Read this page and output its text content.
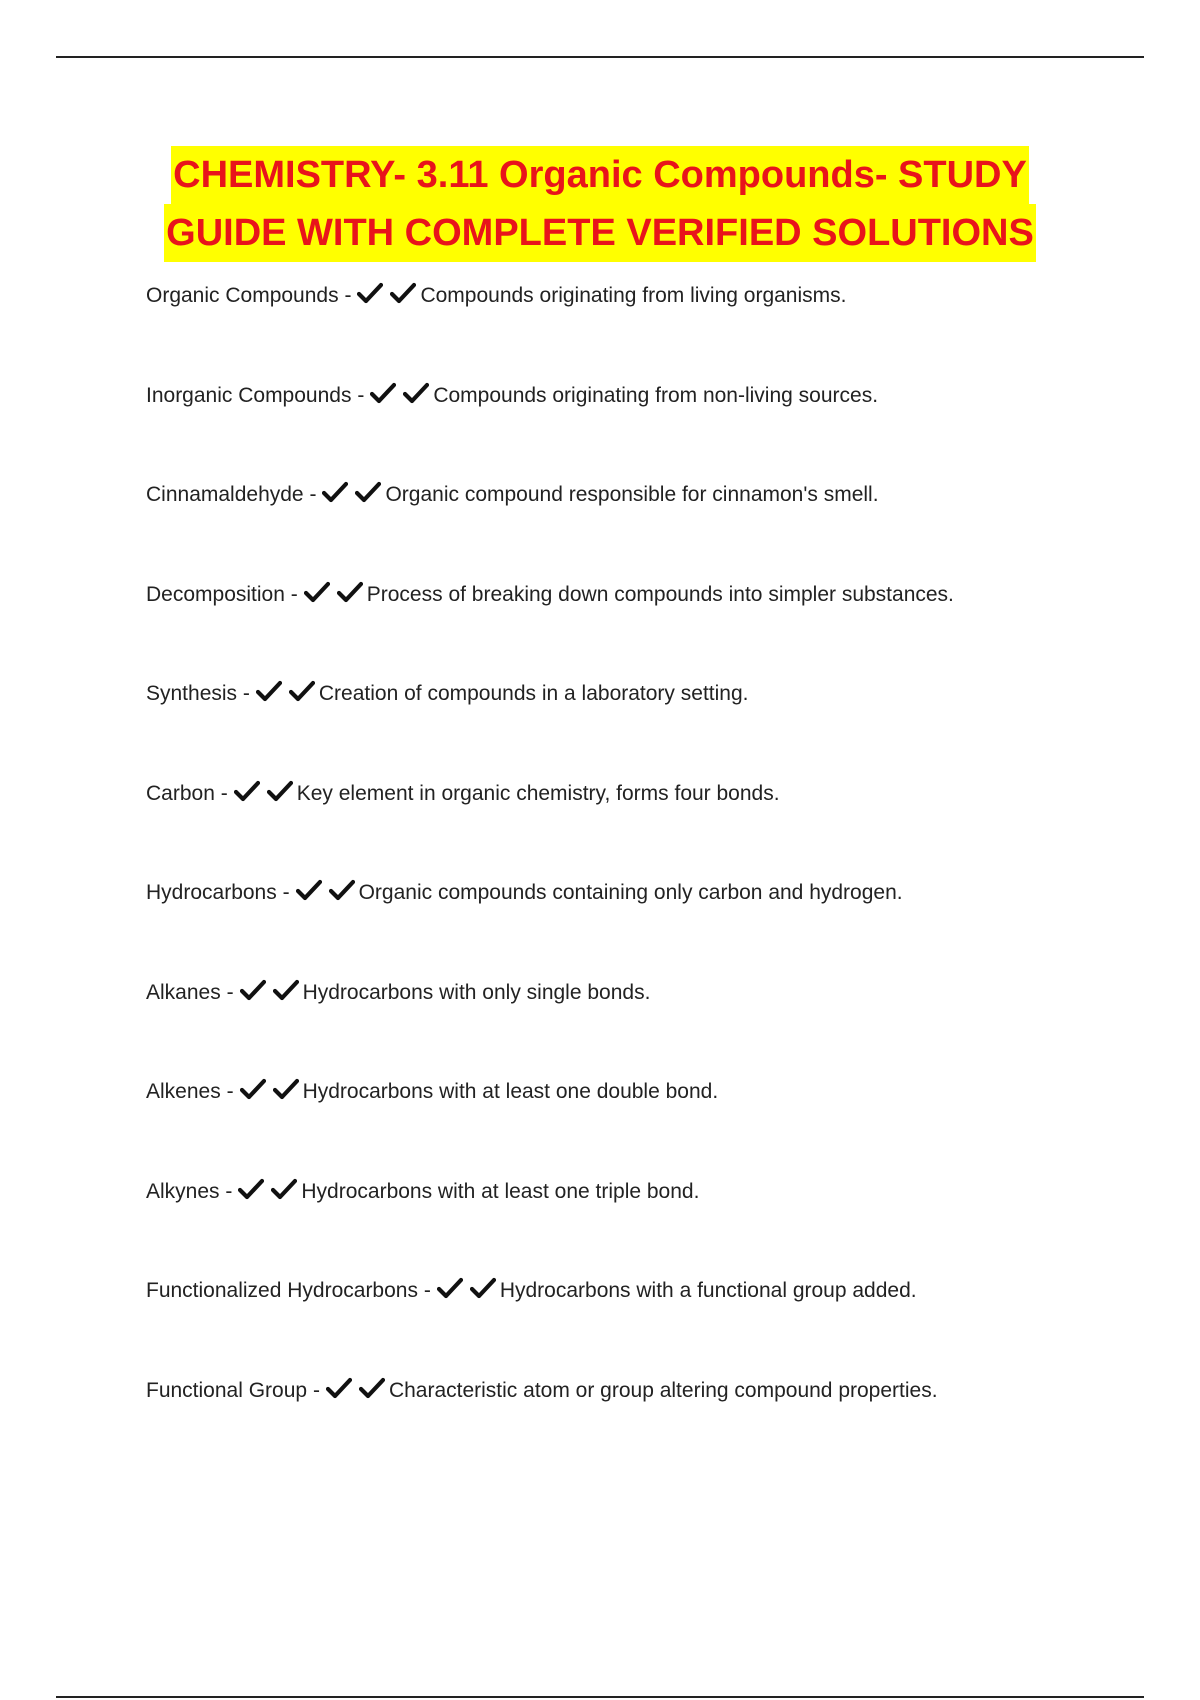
CHEMISTRY- 3.11 Organic Compounds- STUDY
GUIDE WITH COMPLETE VERIFIED SOLUTIONS
Organic Compounds -	Compounds originating from living organisms.
Inorganic Compounds -	Compounds originating from non-living sources.
Cinnamaldehyde -	Organic compound responsible for cinnamon's smell.
Decomposition -	Process of breaking down compounds into simpler substances.
Synthesis -	Creation of compounds in a laboratory setting.
Carbon -	Key element in organic chemistry, forms four bonds.
Hydrocarbons -	Organic compounds containing only carbon and hydrogen.
Alkanes -	Hydrocarbons with only single bonds.
Alkenes -	Hydrocarbons with at least one double bond.
Alkynes -	Hydrocarbons with at least one triple bond.
Functionalized Hydrocarbons -	Hydrocarbons with a functional group added.
Functional Group -	Characteristic atom or group altering compound properties.
